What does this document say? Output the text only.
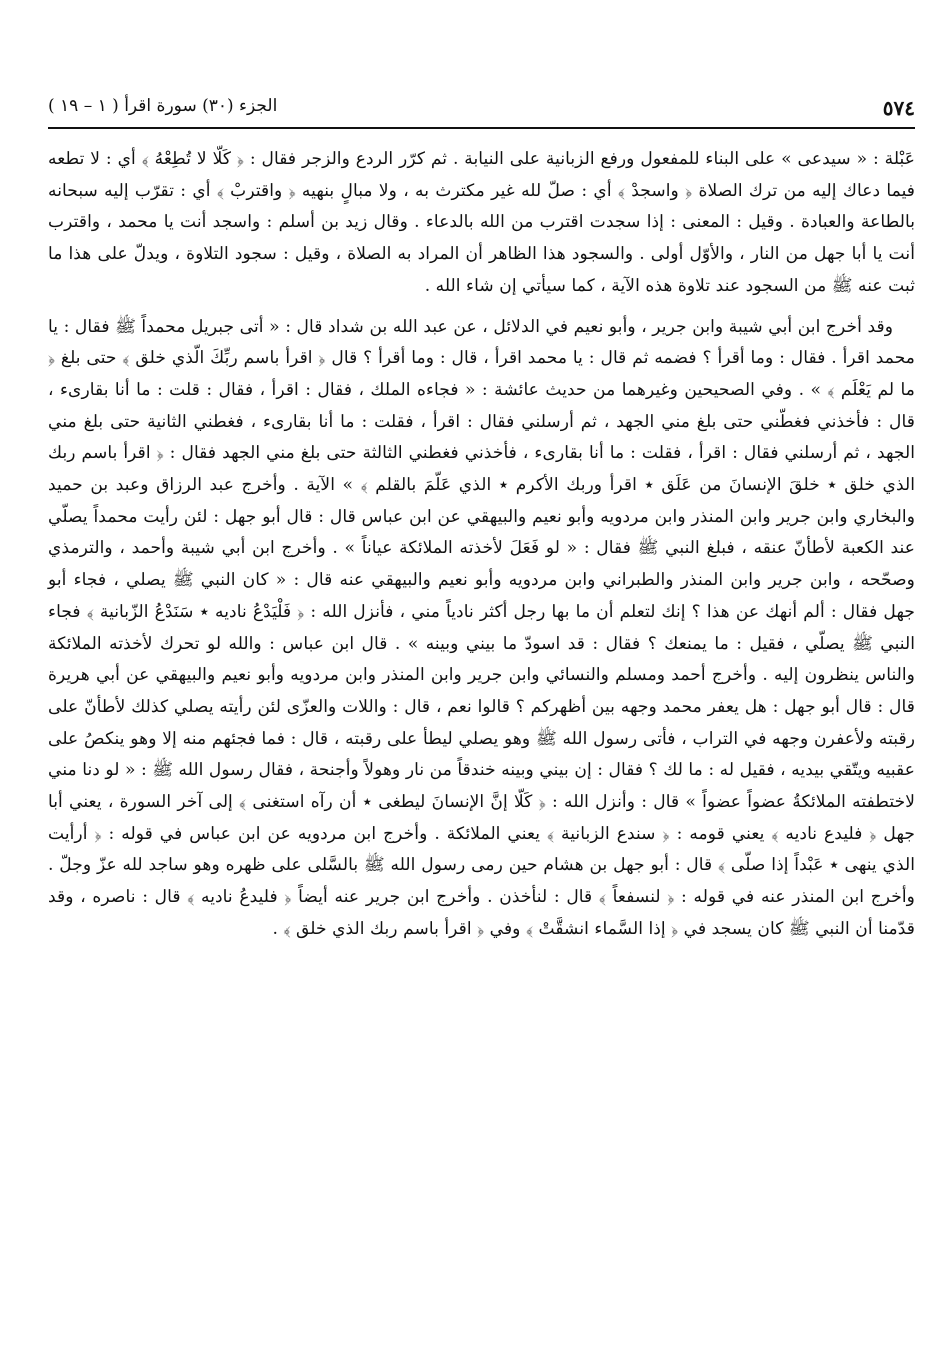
٥٧٤
الجزء (٣٠) سورة اقرأ ( ١ – ١٩ )

عَبْلة : « سيدعى » على البناء للمفعول ورفع الزبانية على النيابة . ثم كرّر الردع والزجر فقال : ﴿ كَلّا لا تُطِعْهُ ﴾ أي : لا تطعه فيما دعاك إليه من ترك الصلاة ﴿ واسجدْ ﴾ أي : صلّ لله غير مكترث به ، ولا مبالٍ بنهيه ﴿ واقتربْ ﴾ أي : تقرّب إليه سبحانه بالطاعة والعبادة . وقيل : المعنى : إذا سجدت اقترب من الله بالدعاء . وقال زيد بن أسلم : واسجد أنت يا محمد ، واقترب أنت يا أبا جهل من النار ، والأوّل أولى . والسجود هذا الظاهر أن المراد به الصلاة ، وقيل : سجود التلاوة ، ويدلّ على هذا ما ثبت عنه ﷺ من السجود عند تلاوة هذه الآية ، كما سيأتي إن شاء الله .

وقد أخرج ابن أبي شيبة وابن جرير ، وأبو نعيم في الدلائل ، عن عبد الله بن شداد قال : « أتى جبريل محمداً ﷺ فقال : يا محمد اقرأ . فقال : وما أقرأ ؟ فضمه ثم قال : يا محمد اقرأ ، قال : وما أقرأ ؟ قال ﴿ اقرأ باسم ربِّكَ الّذي خلق ﴾ حتى بلغ ﴿ ما لم يَعْلَم ﴾ » . وفي الصحيحين وغيرهما من حديث عائشة : « فجاءه الملك ، فقال : اقرأ ، فقال : قلت : ما أنا بقارىء ، قال : فأخذني فغطّني حتى بلغ مني الجهد ، ثم أرسلني فقال : اقرأ ، فقلت : ما أنا بقارىء ، فغطني الثانية حتى بلغ مني الجهد ، ثم أرسلني فقال : اقرأ ، فقلت : ما أنا بقارىء ، فأخذني فغطني الثالثة حتى بلغ مني الجهد فقال : ﴿ اقرأ باسم ربك الذي خلق ٭ خلقَ الإنسانَ من عَلَق ٭ اقرأ وربك الأكرم ٭ الذي عَلّمَ بالقلم ﴾ » الآية . وأخرج عبد الرزاق وعبد بن حميد والبخاري وابن جرير وابن المنذر وابن مردويه وأبو نعيم والبيهقي عن ابن عباس قال : قال أبو جهل : لئن رأيت محمداً يصلّي عند الكعبة لأطأنّ عنقه ، فبلغ النبي ﷺ فقال : « لو فَعَلَ لأخذته الملائكة عياناً » . وأخرج ابن أبي شيبة وأحمد ، والترمذي وصحّحه ، وابن جرير وابن المنذر والطبراني وابن مردويه وأبو نعيم والبيهقي عنه قال : « كان النبي ﷺ يصلي ، فجاء أبو جهل فقال : ألم أنهك عن هذا ؟ إنك لتعلم أن ما بها رجل أكثر نادياً مني ، فأنزل الله : ﴿ فَلْيَدْعُ ناديه ٭ سَنَدْعُ الزّبانية ﴾ فجاء النبي ﷺ يصلّي ، فقيل : ما يمنعك ؟ فقال : قد اسودّ ما بيني وبينه » . قال ابن عباس : والله لو تحرك لأخذته الملائكة والناس ينظرون إليه . وأخرج أحمد ومسلم والنسائي وابن جرير وابن المنذر وابن مردويه وأبو نعيم والبيهقي عن أبي هريرة قال : قال أبو جهل : هل يعفر محمد وجهه بين أظهركم ؟ قالوا نعم ، قال : واللات والعزّى لئن رأيته يصلي كذلك لأطأنّ على رقبته ولأعفرن وجهه في التراب ، فأتى رسول الله ﷺ وهو يصلي ليطأ على رقبته ، قال : فما فجئهم منه إلا وهو ينكصُ على عقبيه ويتّقي بيديه ، فقيل له : ما لك ؟ فقال : إن بيني وبينه خندقاً من نار وهولاً وأجنحة ، فقال رسول الله ﷺ : « لو دنا مني لاختطفته الملائكةُ عضواً عضواً » قال : وأنزل الله : ﴿ كَلّا إنَّ الإنسانَ ليطغى ٭ أن رآه استغنى ﴾ إلى آخر السورة ، يعني أبا جهل ﴿ فليدع ناديه ﴾ يعني قومه : ﴿ سندع الزبانية ﴾ يعني الملائكة . وأخرج ابن مردويه عن ابن عباس في قوله : ﴿ أرأيت الذي ينهى ٭ عَبْداً إذا صلّى ﴾ قال : أبو جهل بن هشام حين رمى رسول الله ﷺ بالسَّلى على ظهره وهو ساجد لله عزّ وجلّ . وأخرج ابن المنذر عنه في قوله : ﴿ لنسفعاً ﴾ قال : لنأخذن . وأخرج ابن جرير عنه أيضاً ﴿ فليدعُ ناديه ﴾ قال : ناصره ، وقد قدّمنا أن النبي ﷺ كان يسجد في ﴿ إذا السَّماء انشقَّتْ ﴾ وفي ﴿ اقرأ باسم ربك الذي خلق ﴾ .
